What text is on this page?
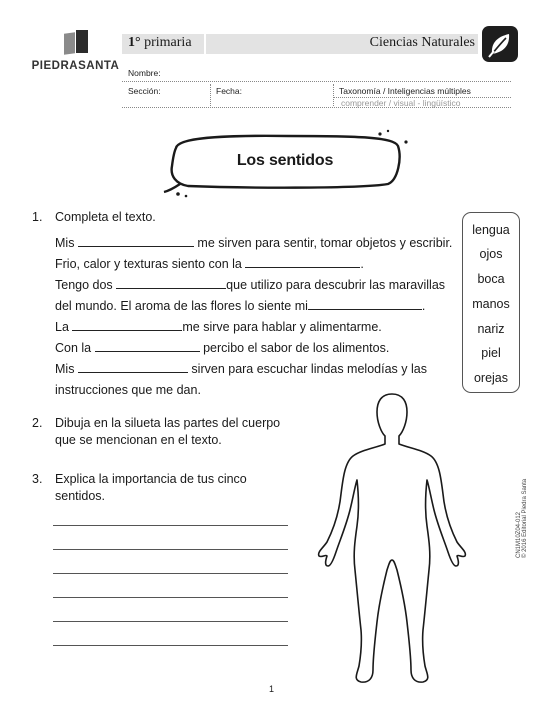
PIEDRASANTA
1° primaria	Ciencias Naturales
Nombre:
Sección:	Fecha:	Taxonomía / Inteligencias múltiples
comprender / visual - lingüístico
Los sentidos
1. Completa el texto.
Mis	me sirven para sentir, tomar objetos y escribir.
Frio, calor y texturas siento con la	.
Tengo dos	que utilizo para descubrir las maravillas
del mundo. El aroma de las flores lo siente mi	.
La	me sirve para hablar y alimentarme.
Con la	percibo el sabor de los alimentos.
Mis	sirven para escuchar lindas melodías y las
instrucciones que me dan.
lengua
ojos
boca
manos
nariz
piel
orejas
2. Dibuja en la silueta las partes del cuerpo
que se mencionan en el texto.
3. Explica la importancia de tus cinco
sentidos.
CN1M10Z04-012 © 2016 Editorial Piedra Santa
1
